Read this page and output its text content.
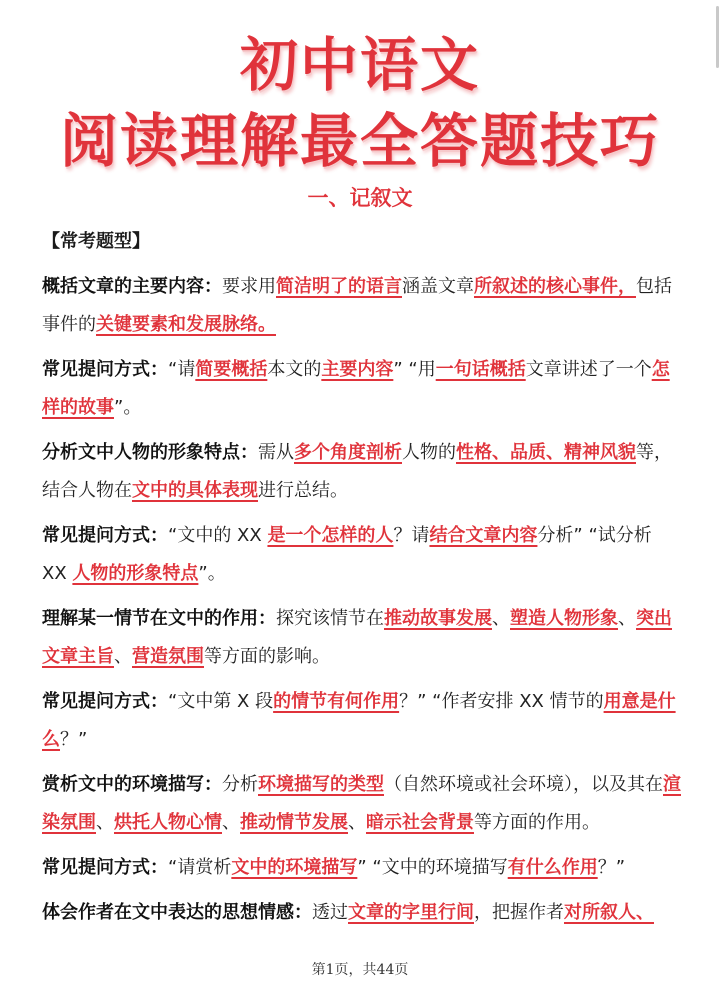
初中语文
阅读理解最全答题技巧
一、记叙文
【常考题型】

概括文章的主要内容：要求用简洁明了的语言涵盖文章所叙述的核心事件，包括事件的关键要素和发展脉络。

常见提问方式：“请简要概括本文的主要内容” “用一句话概括文章讲述了一个怎样的故事”。

分析文中人物的形象特点：需从多个角度剖析人物的性格、品质、精神风貌等，结合人物在文中的具体表现进行总结。

常见提问方式：“文中的 XX 是一个怎样的人？请结合文章内容分析” “试分析 XX 人物的形象特点”。

理解某一情节在文中的作用：探究该情节在推动故事发展、塑造人物形象、突出文章主旨、营造氛围等方面的影响。

常见提问方式：“文中第 X 段的情节有何作用？” “作者安排 XX 情节的用意是什么？”

赏析文中的环境描写：分析环境描写的类型（自然环境或社会环境），以及其在渲染氛围、烘托人物心情、推动情节发展、暗示社会背景等方面的作用。

常见提问方式：“请赏析文中的环境描写” “文中的环境描写有什么作用？”

体会作者在文中表达的思想情感：透过文章的字里行间，把握作者对所叙人、

第1页，共44页
